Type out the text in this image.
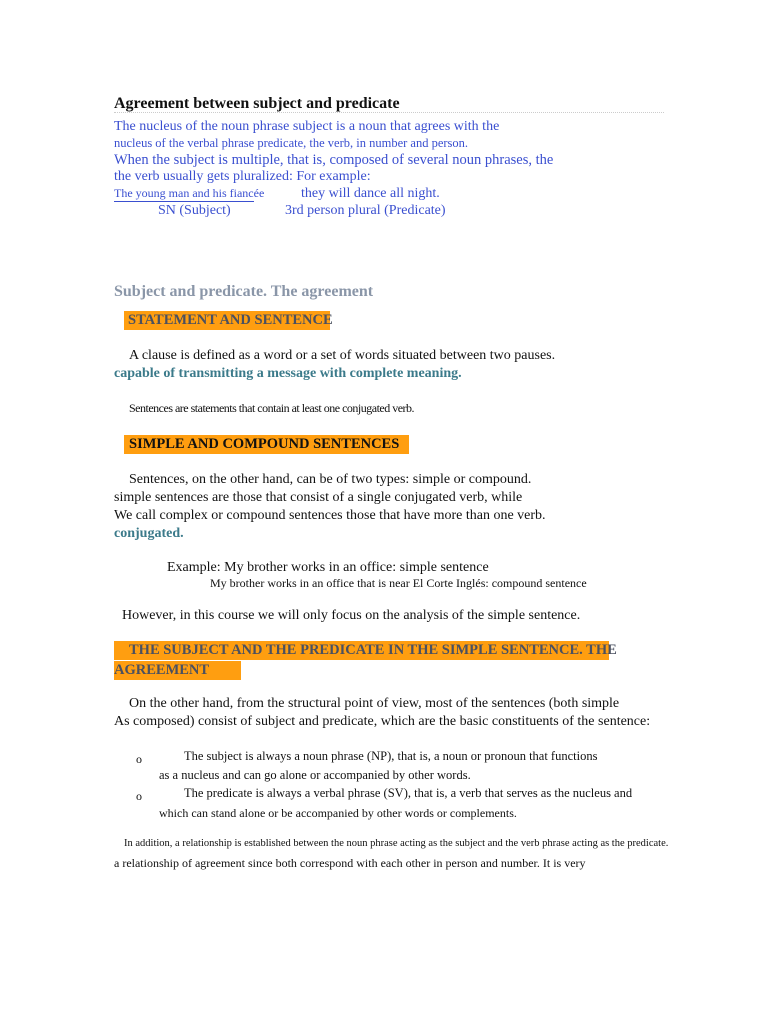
Agreement between subject and predicate
The nucleus of the noun phrase subject is a noun that agrees with the
nucleus of the verbal phrase predicate, the verb, in number and person.
When the subject is multiple, that is, composed of several noun phrases, the
the verb usually gets pluralized: For example:
The young man and his fiancée	they will dance all night.
SN (Subject)	3rd person plural (Predicate)
Subject and predicate. The agreement
STATEMENT AND SENTENCE
A clause is defined as a word or a set of words situated between two pauses.
capable of transmitting a message with complete meaning.
Sentences are statements that contain at least one conjugated verb.
SIMPLE AND COMPOUND SENTENCES
Sentences, on the other hand, can be of two types: simple or compound.
simple sentences are those that consist of a single conjugated verb, while
We call complex or compound sentences those that have more than one verb.
conjugated.
Example: My brother works in an office: simple sentence
My brother works in an office that is near El Corte Inglés: compound sentence
However, in this course we will only focus on the analysis of the simple sentence.
THE SUBJECT AND THE PREDICATE IN THE SIMPLE SENTENCE. THE
AGREEMENT
On the other hand, from the structural point of view, most of the sentences (both simple
As composed) consist of subject and predicate, which are the basic constituents of the sentence:
o	The subject is always a noun phrase (NP), that is, a noun or pronoun that functions
as a nucleus and can go alone or accompanied by other words.
o	The predicate is always a verbal phrase (SV), that is, a verb that serves as the nucleus and
which can stand alone or be accompanied by other words or complements.
In addition, a relationship is established between the noun phrase acting as the subject and the verb phrase acting as the predicate.
a relationship of agreement since both correspond with each other in person and number. It is very
